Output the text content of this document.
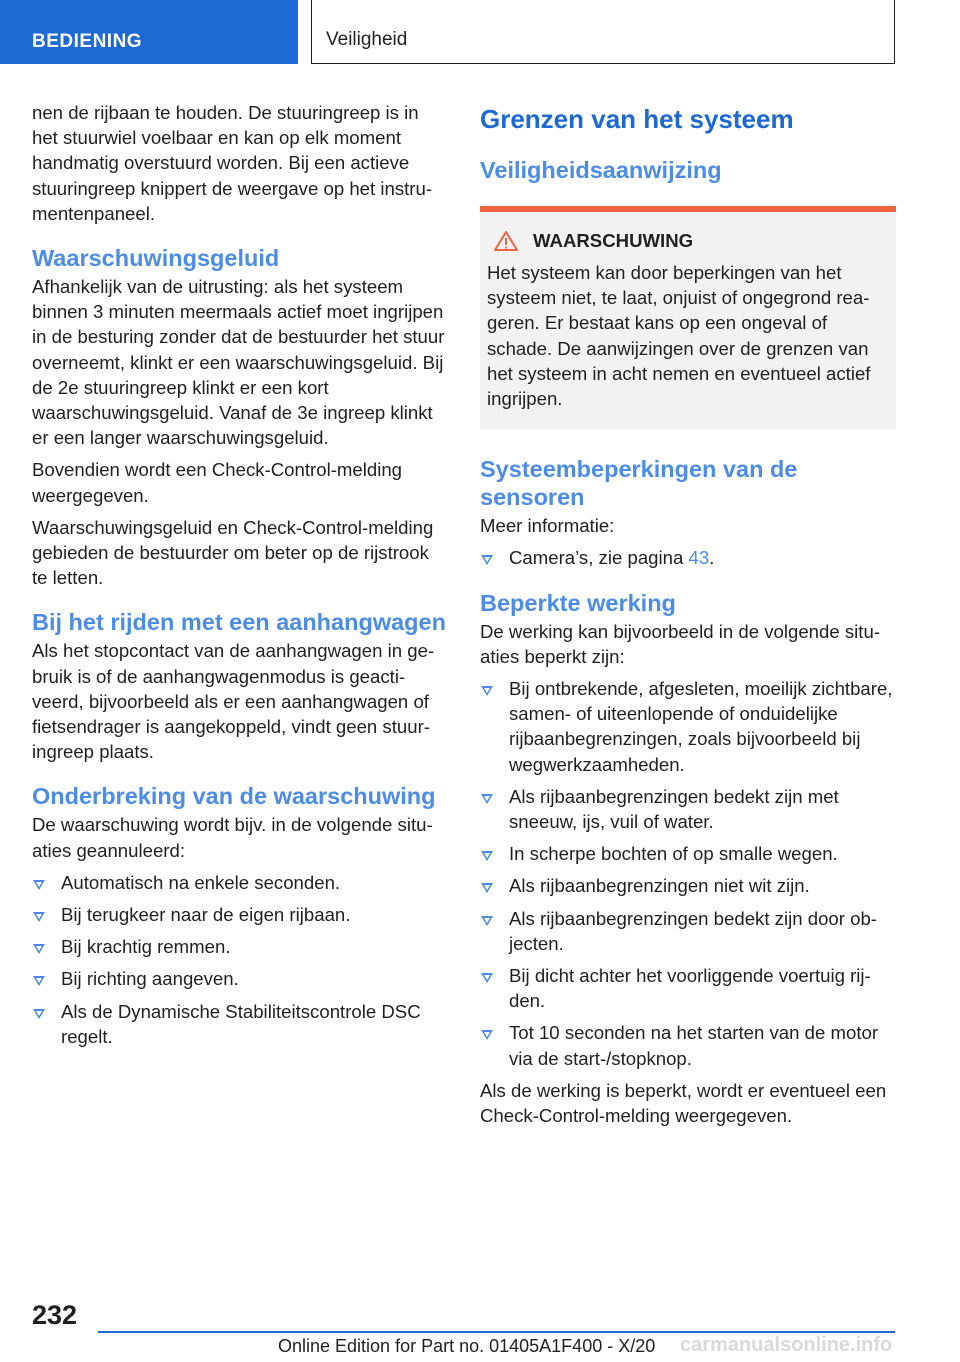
BEDIENING	Veiligheid

nen de rijbaan te houden. De stuuringreep is in het stuurwiel voelbaar en kan op elk moment handmatig overstuurd worden. Bij een actieve stuuringreep knippert de weergave op het instrumentenpaneel.

Waarschuwingsgeluid

Afhankelijk van de uitrusting: als het systeem binnen 3 minuten meermaals actief moet ingrijpen in de besturing zonder dat de bestuurder het stuur overneemt, klinkt er een waarschuwingsgeluid. Bij de 2e stuuringreep klinkt er een kort waarschuwingsgeluid. Vanaf de 3e ingreep klinkt er een langer waarschuwingsgeluid.

Bovendien wordt een Check-Control-melding weergegeven.

Waarschuwingsgeluid en Check-Control-melding gebieden de bestuurder om beter op de rijstrook te letten.

Bij het rijden met een aanhangwagen

Als het stopcontact van de aanhangwagen in gebruik is of de aanhangwagenmodus is geactiveerd, bijvoorbeeld als er een aanhangwagen of fietsendrager is aangekoppeld, vindt geen stuuringreep plaats.

Onderbreking van de waarschuwing

De waarschuwing wordt bijv. in de volgende situaties geannuleerd:

Automatisch na enkele seconden.
Bij terugkeer naar de eigen rijbaan.
Bij krachtig remmen.
Bij richting aangeven.
Als de Dynamische Stabiliteitscontrole DSC regelt.
Grenzen van het systeem
Veiligheidsaanwijzing
WAARSCHUWING

Het systeem kan door beperkingen van het systeem niet, te laat, onjuist of ongegrond reageren. Er bestaat kans op een ongeval of schade. De aanwijzingen over de grenzen van het systeem in acht nemen en eventueel actief ingrijpen.

Systeembeperkingen van de sensoren

Meer informatie:

Camera’s, zie pagina 43.
Beperkte werking

De werking kan bijvoorbeeld in de volgende situaties beperkt zijn:

Bij ontbrekende, afgesleten, moeilijk zichtbare, samen- of uiteenlopende of onduidelijke rijbaanbegrenzingen, zoals bijvoorbeeld bij wegwerkzaamheden.
Als rijbaanbegrenzingen bedekt zijn met sneeuw, ijs, vuil of water.
In scherpe bochten of op smalle wegen.
Als rijbaanbegrenzingen niet wit zijn.
Als rijbaanbegrenzingen bedekt zijn door objecten.
Bij dicht achter het voorliggende voertuig rijden.
Tot 10 seconden na het starten van de motor via de start-/stopknop.

Als de werking is beperkt, wordt er eventueel een Check-Control-melding weergegeven.

232
Online Edition for Part no. 01405A1F400 - X/20 carmanualsonline.info
